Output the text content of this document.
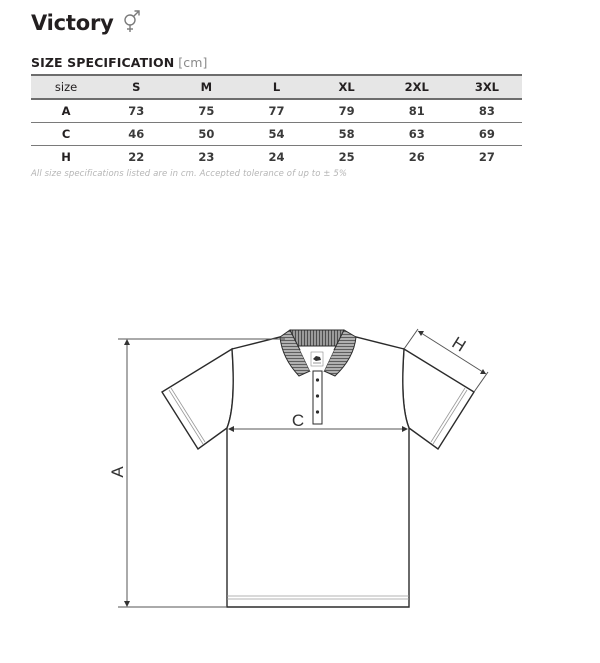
Victory
SIZE SPECIFICATION [cm]
size	S	M	L	XL	2XL	3XL
A	73	75	77	79	81	83
C	46	50	54	58	63	69
H	22	23	24	25	26	27
All size specifications listed are in cm. Accepted tolerance of up to ± 5%
A
C
H
